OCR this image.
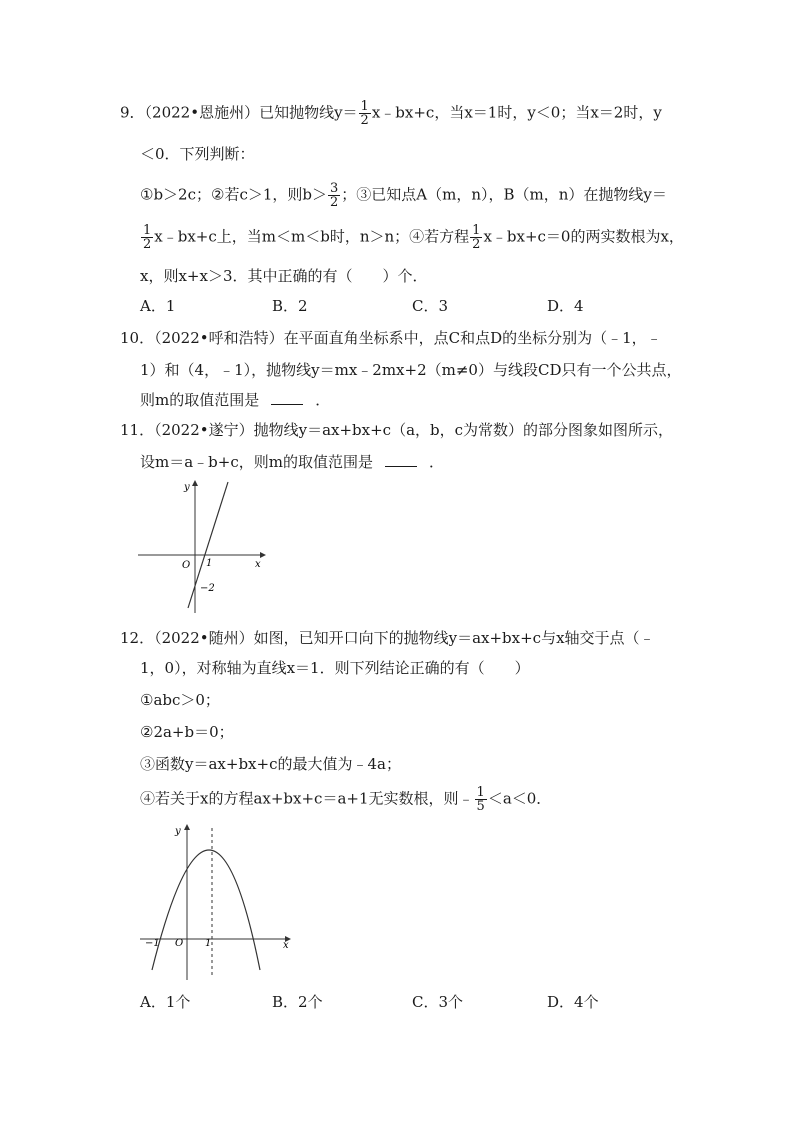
9．（2022•恩施州）已知抛物线$y= \frac{1}{2}$ x﹣bx+c，当x＝1时，y＜0；当x＝2时，y
＜0．下列判断：
①b＞2c；②若c＞1，则$b> \frac{3}{2}$ ；③已知点A（m，n），B（m，n）在抛物线y＝
$\frac{1}{2}$ x﹣bx+c上，当m＜m＜b时，n＞n；④若方程 $\frac{1}{2}$ x﹣bx+c＝0的两实数根为x，
x，则x+x＞3．其中正确的有（　　）个．
A．1	B．2	C．3	D．4
10．（2022•呼和浩特）在平面直角坐标系中，点C和点D的坐标分别为（﹣1，﹣
1）和（4，﹣1），抛物线y＝mx﹣2mx+2（m≠0）与线段CD只有一个公共点，
则m的取值范围是	．
11．（2022•遂宁）抛物线y＝ax+bx+c（a，b，c为常数）的部分图象如图所示，
设m＝a﹣b+c，则m的取值范围是	．
O 1
−2
x
y
12．（2022•随州）如图，已知开口向下的抛物线y＝ax+bx+c与x轴交于点（﹣
1，0），对称轴为直线x＝1．则下列结论正确的有（　　）
①abc＞0；
②2a+b＝0；
③函数y＝ax+bx+c的最大值为﹣4a；
④若关于x的方程ax+bx+c＝a+1无实数根，则﹣ $\frac{1}{5} <a<0$．
−1 O 1	x
y
A．1个	B．2个	C．3个	D．4个
